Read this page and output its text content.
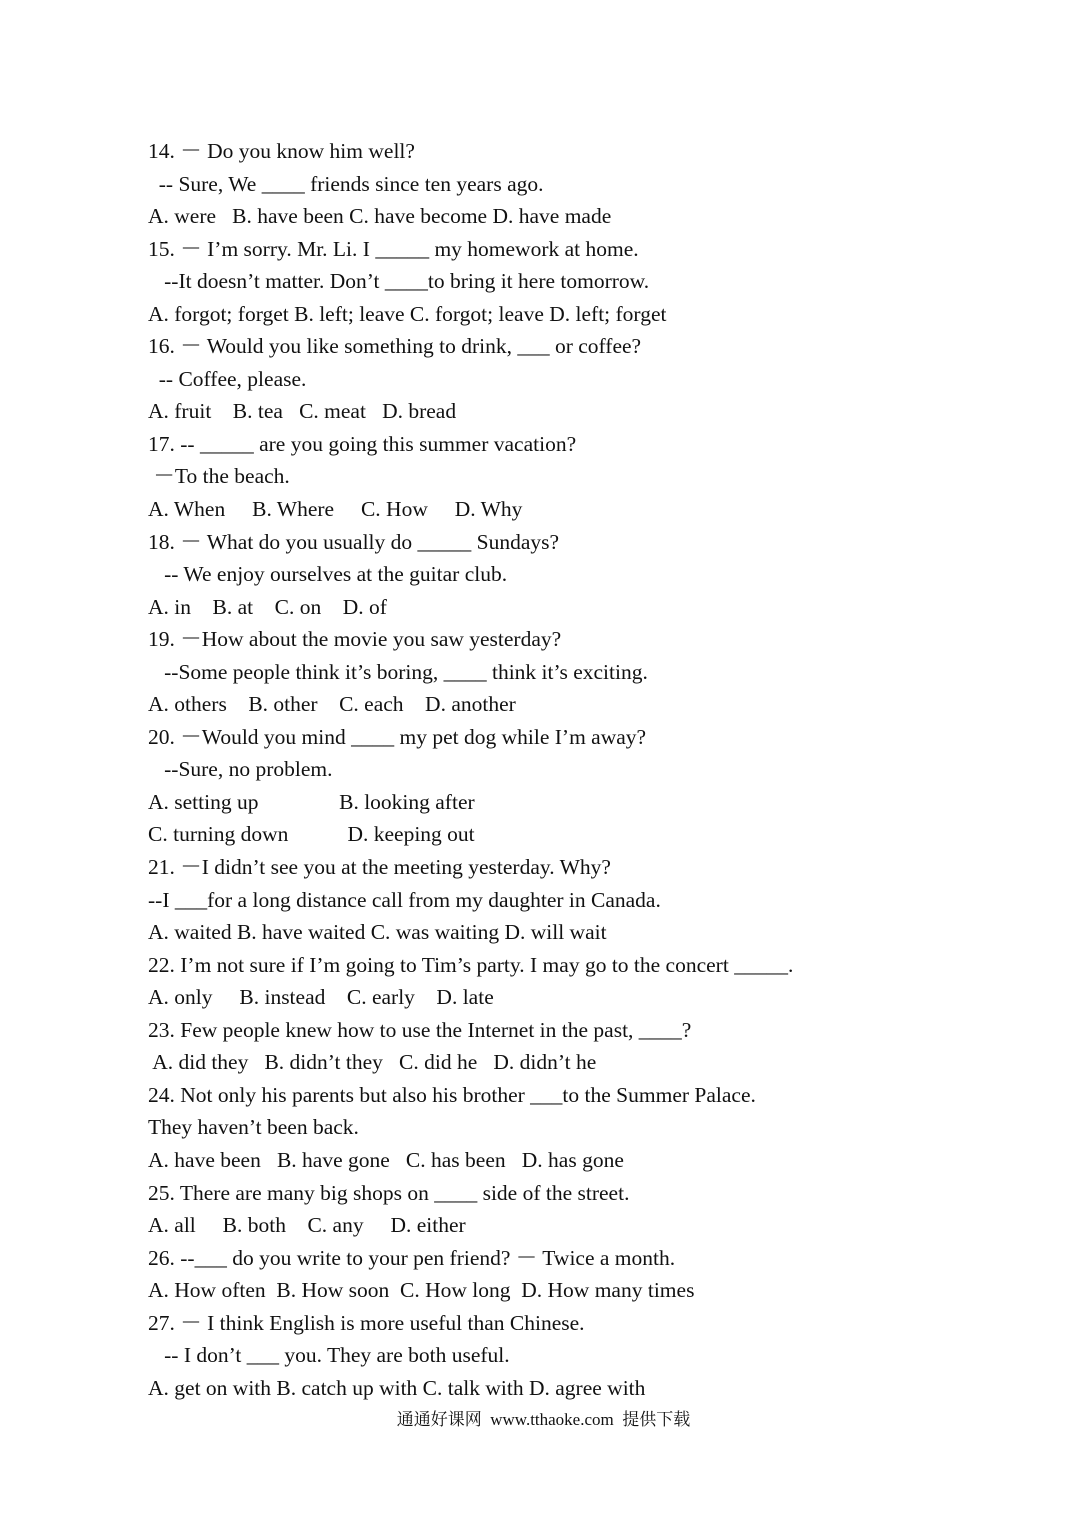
14. － Do you know him well?
-- Sure, We ____ friends since ten years ago.
A. were   B. have been C. have become D. have made
15. － I’m sorry. Mr. Li. I _____ my homework at home.
--It doesn’t matter. Don’t ____to bring it here tomorrow.
A. forgot; forget B. left; leave C. forgot; leave D. left; forget
16. － Would you like something to drink, ___ or coffee?
-- Coffee, please.
A. fruit    B. tea   C. meat   D. bread
17. -- _____ are you going this summer vacation?
－To the beach.
A. When     B. Where     C. How     D. Why
18. － What do you usually do _____ Sundays?
-- We enjoy ourselves at the guitar club.
A. in    B. at    C. on    D. of
19. －How about the movie you saw yesterday?
--Some people think it’s boring, ____ think it’s exciting.
A. others    B. other    C. each    D. another
20. －Would you mind ____ my pet dog while I’m away?
--Sure, no problem.
A. setting up               B. looking after
C. turning down           D. keeping out
21. －I didn’t see you at the meeting yesterday. Why?
--I ___for a long distance call from my daughter in Canada.
A. waited B. have waited C. was waiting D. will wait
22. I’m not sure if I’m going to Tim’s party. I may go to the concert _____.
A. only     B. instead    C. early    D. late
23. Few people knew how to use the Internet in the past, ____?
A. did they   B. didn’t they   C. did he   D. didn’t he
24. Not only his parents but also his brother ___to the Summer Palace.
They haven’t been back.
A. have been   B. have gone   C. has been   D. has gone
25. There are many big shops on ____ side of the street.
A. all     B. both    C. any     D. either
26. --___ do you write to your pen friend? － Twice a month.
A. How often  B. How soon  C. How long  D. How many times
27. － I think English is more useful than Chinese.
-- I don’t ___ you. They are both useful.
A. get on with B. catch up with C. talk with D. agree with
通通好课网  www.tthaoke.com  提供下载
